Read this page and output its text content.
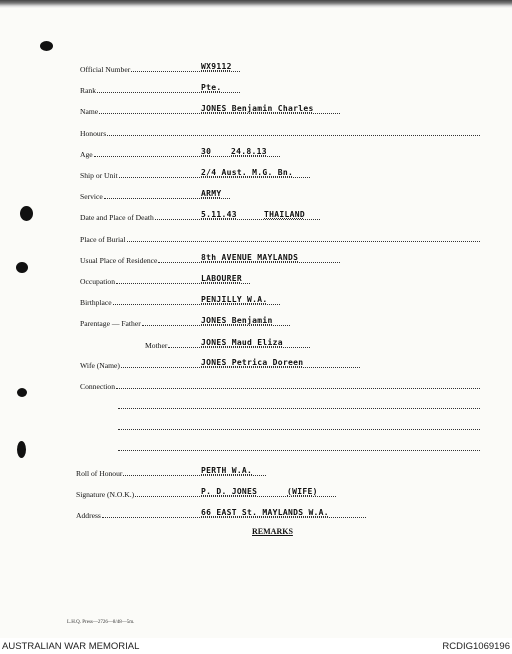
Official Number	WX9112
Rank	Pte.
Name	JONES Benjamin Charles
Honours
Age	30 24.8.13
Ship or Unit	2/4 Aust. M.G. Bn.
Service	ARMY
Date and Place of Death	5.11.43	THAILAND
Place of Burial
Usual Place of Residence	8th AVENUE MAYLANDS
Occupation	LABOURER
Birthplace	PENJILLY W.A.
Parentage — Father	JONES Benjamin
Mother	JONES Maud Eliza
Wife (Name)	JONES Petrica Doreen
Connection
Roll of Honour	PERTH W.A.
Signature (N.O.K.)	P. D. JONES	(WIFE)
Address	66 EAST St. MAYLANDS W.A.
REMARKS
L.H.Q. Press—2726—8/48—5m.
AUSTRALIAN WAR MEMORIAL	RCDIG1069196
